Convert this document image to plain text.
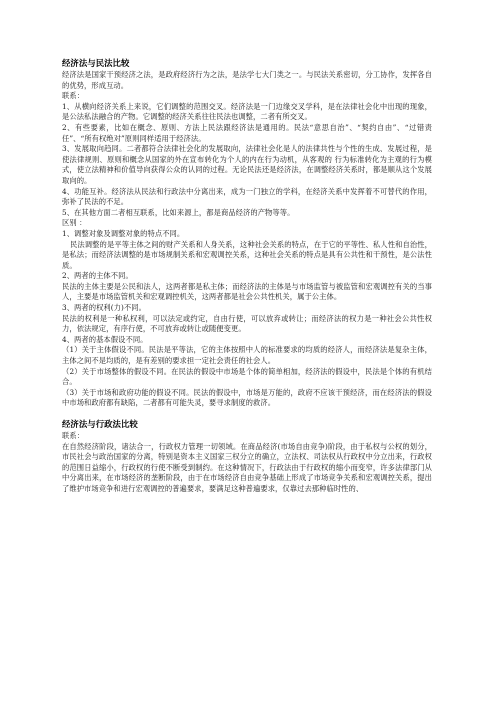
经济法与民法比较

经济法是国家干预经济之法，是政府经济行为之法，是法学七大门类之一。与民法关系密切，分工协作，发挥各自的优势，形成互动。

联系：

1、从横向经济关系上来说，它们调整的范围交叉。经济法是一门边缘交叉学科，是在法律社会化中出现的现象，是公法私法融合的产物。它调整的经济关系往往民法也调整，二者有所交叉。

2、有些要素，比如在概念、原则、方法上民法跟经济法是通用的。民法“意思自治”、“契约自由”、“过错责任”、“所有权绝对”原则同样适用于经济法。

3、发展取向趋同。二者都符合法律社会化的发展取向，法律社会化是人的法律共性与个性的生成、发展过程，是使法律规则、原则和概念从国家的外在宣布转化为个人的内在行为动机，从客观的 行为标准转化为主观的行为模式，使立法精神和价值导向获得公众的认同的过程。无论民法还是经济法，在调整经济关系时，都是顺从这个发展取向的。

4、功能互补。经济法从民法和行政法中分离出来，成为一门独立的学科，在经济关系中发挥着不可替代的作用，弥补了民法的不足。

5、在其他方面二者相互联系，比如来源上，都是商品经济的产物等等。

区别 ：

1、调整对象及调整对象的特点不同。

民法调整的是平等主体之间的财产关系和人身关系，这种社会关系的特点，在于它的平等性、私人性和自治性，是私法；而经济法调整的是市场规制关系和宏观调控关系，这种社会关系的特点是具有公共性和干预性，是公法性质。

2、两者的主体不同。

民法的主体主要是公民和法人，这两者都是私主体；而经济法的主体是与市场监管与被监管和宏观调控有关的当事人，主要是市场监管机关和宏观调控机关，这两者都是社会公共性机关，属于公主体。

3、两者的权利(力)不同。

民法的权利是一种私权利，可以法定或约定，自由行使，可以放弃或转让；而经济法的权力是一种社会公共性权力，依法规定，有序行使，不可放弃或转让或随便变更。

4、两者的基本假设不同。

（1）关于主体假设不同。民法是平等法，它的主体按照中人的标准要求的均质的经济人，而经济法是复杂主体，主体之间不是均质的，是有差别的要求担一定社会责任的社会人。

（2）关于市场整体的假设不同。在民法的假设中市场是个体的简单相加，经济法的假设中，民法是个体的有机结合。

（3）关于市场和政府功能的假设不同。民法的假设中，市场是万能的，政府不应该干预经济，而在经济法的假设中市场和政府都有缺陷，二者都有可能失灵，要寻求制度的救济。

经济法与行政法比较

联系：

在自然经济阶段，诸法合一，行政权力管理一切领域。在商品经济(市场自由竞争)阶段，由于私权与公权的划分，市民社会与政治国家的分离，特别是资本主义国家三权分立的确立，立法权、司法权从行政权中分立出来，行政权的范围日益缩小，行政权的行使不断受到制约。在这种情况下，行政法由于行政权的缩小而变窄，许多法律部门从中分离出来，在市场经济的垄断阶段，由于在市场经济自由竞争基础上形成了市场竞争关系和宏观调控关系，提出了维护市场竞争和进行宏观调控的普遍要求，要满足这种普遍要求，仅靠过去那种临时性的、
